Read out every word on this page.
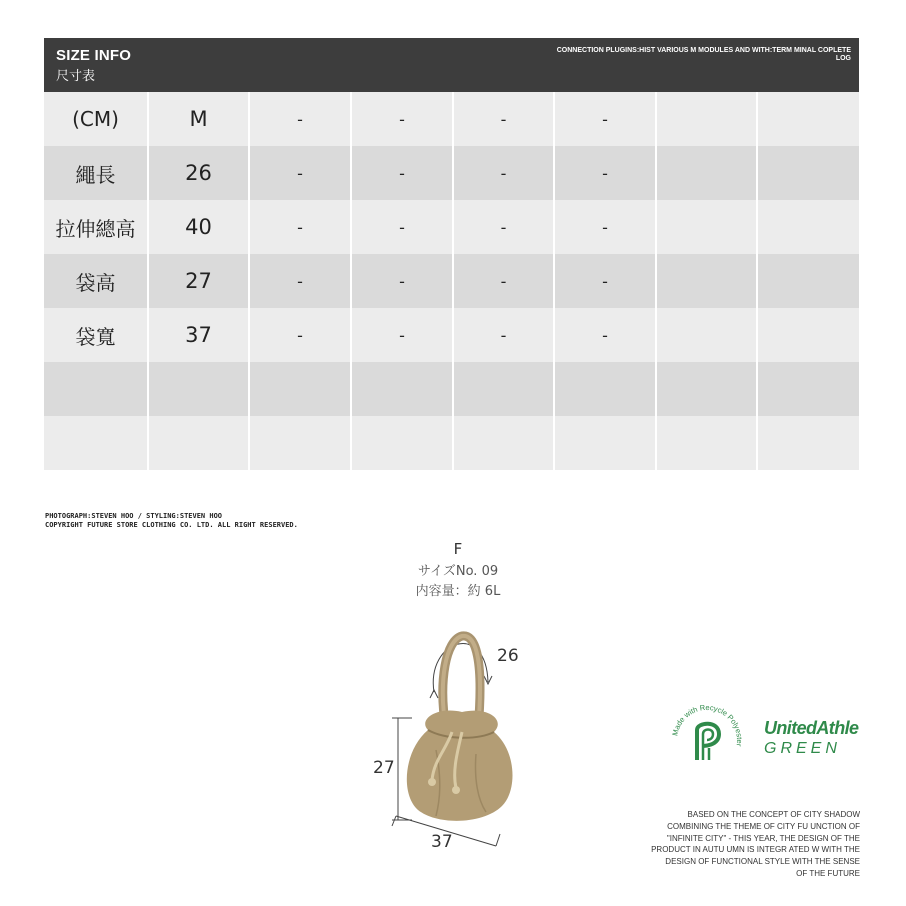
SIZE INFO
尺寸表
CONNECTION PLUGINS:HIST VARIOUS M MODULES AND WITH:TERM MINAL COPLETE LOG
(CM)	M	-	-	-	-		
繩長	26	-	-	-	-		
拉伸總高	40	-	-	-	-		
袋高	27	-	-	-	-		
袋寬	37	-	-	-	-		

PHOTOGRAPH:STEVEN HOO / STYLING:STEVEN HOO
COPYRIGHT FUTURE STORE CLOTHING CO. LTD. ALL RIGHT RESERVED.
F
サイズNo. 09
内容量：約 6L
26
27
37
Made with Recycle Polyester
UnitedAthle
GREEN
BASED ON THE CONCEPT OF CITY SHADOW
COMBINING THE THEME OF CITY FU UNCTION OF
"INFINITE CITY" - THIS YEAR, THE DESIGN OF THE
PRODUCT IN AUTU UMN IS INTEGR ATED W WITH THE
DESIGN OF FUNCTIONAL STYLE WITH THE SENSE
OF THE FUTURE
